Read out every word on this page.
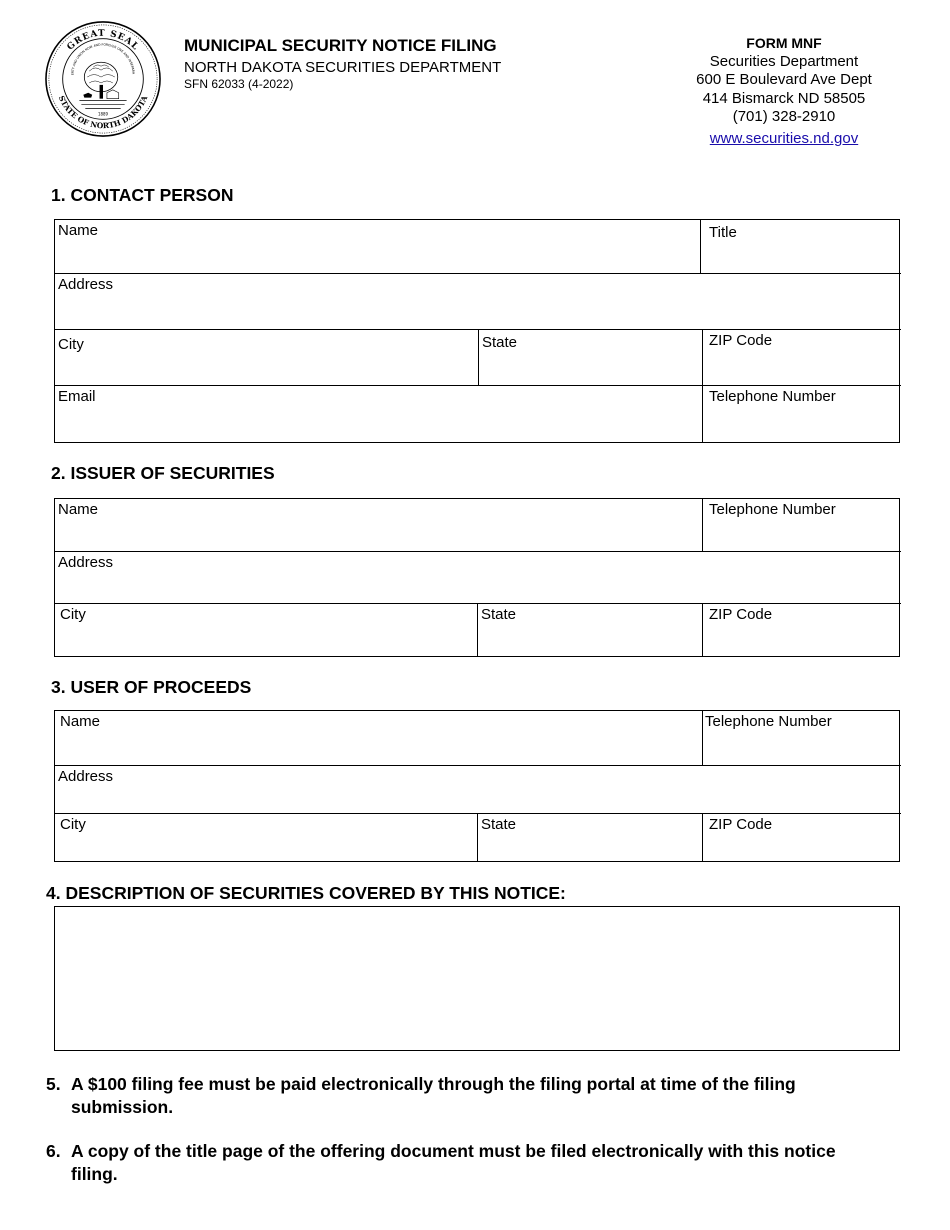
GREAT SEAL
STATE OF NORTH DAKOTA
ERTY AND UNION NOW AND FOREVER ONE AND INSEPARA
1889
MUNICIPAL SECURITY NOTICE FILING
NORTH DAKOTA SECURITIES DEPARTMENT
SFN 62033 (4-2022)
FORM MNF
Securities Department
600 E Boulevard Ave Dept
414 Bismarck ND 58505
(701) 328-2910
www.securities.nd.gov
1. CONTACT PERSON
Name	Title
Address
City	State	ZIP Code
Email	Telephone Number
2. ISSUER OF SECURITIES
Name	Telephone Number
Address
City	State	ZIP Code
3. USER OF PROCEEDS
Name	Telephone Number
Address
City	State	ZIP Code
4. DESCRIPTION OF SECURITIES COVERED BY THIS NOTICE:
5. A $100 filing fee must be paid electronically through the filing portal at time of the filing submission.
6. A copy of the title page of the offering document must be filed electronically with this notice filing.
